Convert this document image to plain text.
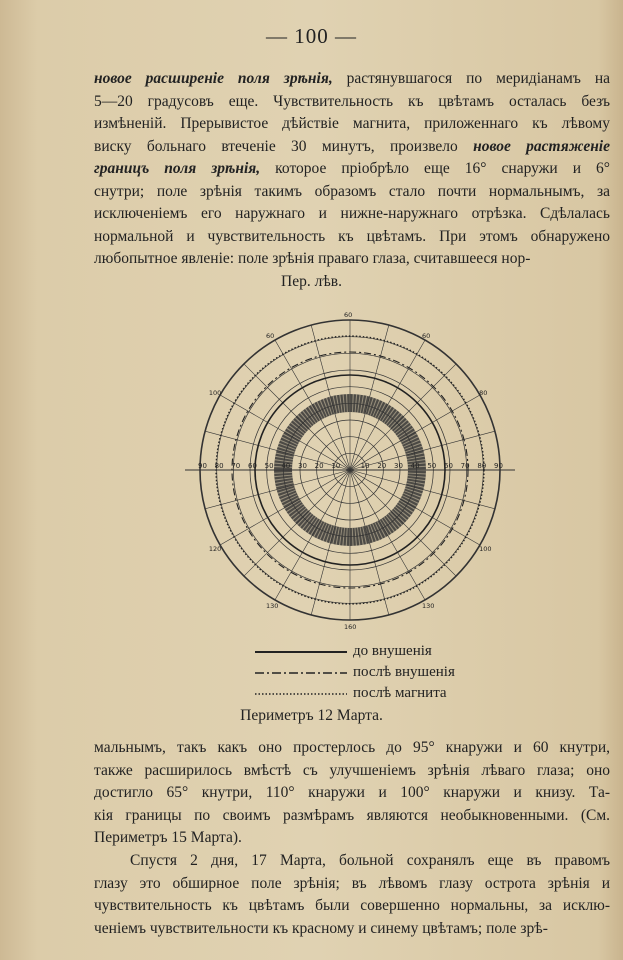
— 100 —
новое расширеніе поля зрѣнія, растянувшагося по меридіанамъ на
5—20 градусовъ еще. Чувствительность къ цвѣтамъ осталась безъ
измѣненій. Прерывистое дѣйствіе магнита, приложеннаго къ лѣвому
виску больнаго втеченіе 30 минутъ, произвело новое растяженіе
границъ поля зрѣнія, которое пріобрѣло еще 16° снаружи и 6°
снутри; поле зрѣнія такимъ образомъ стало почти нормальнымъ, за
исключеніемъ его наружнаго и нижне-наружнаго отрѣзка. Сдѣлалась
нормальной и чувствительность къ цвѣтамъ. При этомъ обнаружено
любопытное явленіе: поле зрѣнія праваго глаза, считавшееся нор-
Пер. лѣв.
10
10	20
20	30
30	40
40	50
50	60
60	70
70	80
80	90
90
100
60	60
80
100
130
130
120
160
60
до внушенія
послѣ внушенія
послѣ магнита
Периметръ 12 Марта.
мальнымъ, такъ какъ оно простерлось до 95° кнаружи и 60 кнутри,
также расширилось вмѣстѣ съ улучшеніемъ зрѣнія лѣваго глаза; оно
достигло 65° кнутри, 110° кнаружи и 100° кнаружи и книзу. Та-
кія границы по своимъ размѣрамъ являются необыкновенными. (См.
Периметръ 15 Марта).
Спустя 2 дня, 17 Марта, больной сохранялъ еще въ правомъ
глазу это обширное поле зрѣнія; въ лѣвомъ глазу острота зрѣнія и
чувствительность къ цвѣтамъ были совершенно нормальны, за исклю-
ченіемъ чувствительности къ красному и синему цвѣтамъ; поле зрѣ-
